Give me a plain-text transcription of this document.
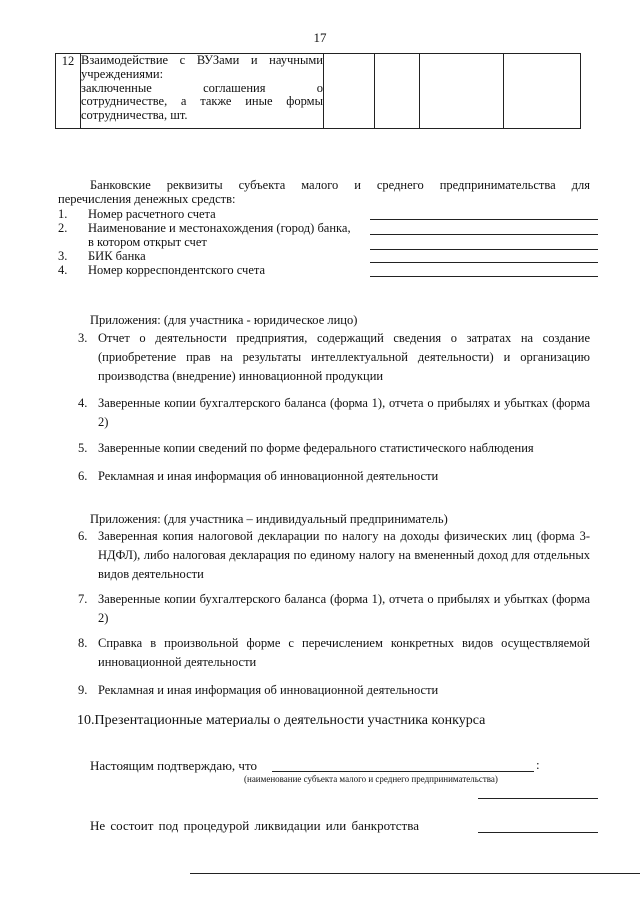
17
12	Взаимодействие с ВУЗами и научными
учреждениями:
заключенные соглашения о
сотрудничестве, а также иные формы
сотрудничества, шт.

Банковские реквизиты субъекта малого и среднего предпринимательства для
перечисления денежных средств:
1.	Номер расчетного счета
2.	Наименование и местонахождения (город) банка,
в котором открыт счет
3.	БИК банка
4.	Номер корреспондентского счета
Приложения: (для участника - юридическое лицо)
3. Отчет о деятельности предприятия, содержащий сведения о затратах на создание (приобретение прав на результаты интеллектуальной деятельности) и организацию производства (внедрение) инновационной продукции
4. Заверенные копии бухгалтерского баланса (форма 1), отчета о прибылях и убытках (форма 2)
5. Заверенные копии сведений по форме федерального статистического наблюдения
6. Рекламная и иная информация об инновационной деятельности
Приложения: (для участника – индивидуальный предприниматель)
6. Заверенная копия налоговой декларации по налогу на доходы физических лиц (форма 3-НДФЛ), либо налоговая декларация по единому налогу на вмененный доход для отдельных видов деятельности
7. Заверенные копии бухгалтерского баланса (форма 1), отчета о прибылях и убытках (форма 2)
8. Справка в произвольной форме с перечислением конкретных видов осуществляемой инновационной деятельности
9. Рекламная и иная информация об инновационной деятельности
10.Презентационные материалы о деятельности участника конкурса
Настоящим подтверждаю, что	:
(наименование субъекта малого и среднего предпринимательства)
Не состоит под процедурой ликвидации или банкротства
